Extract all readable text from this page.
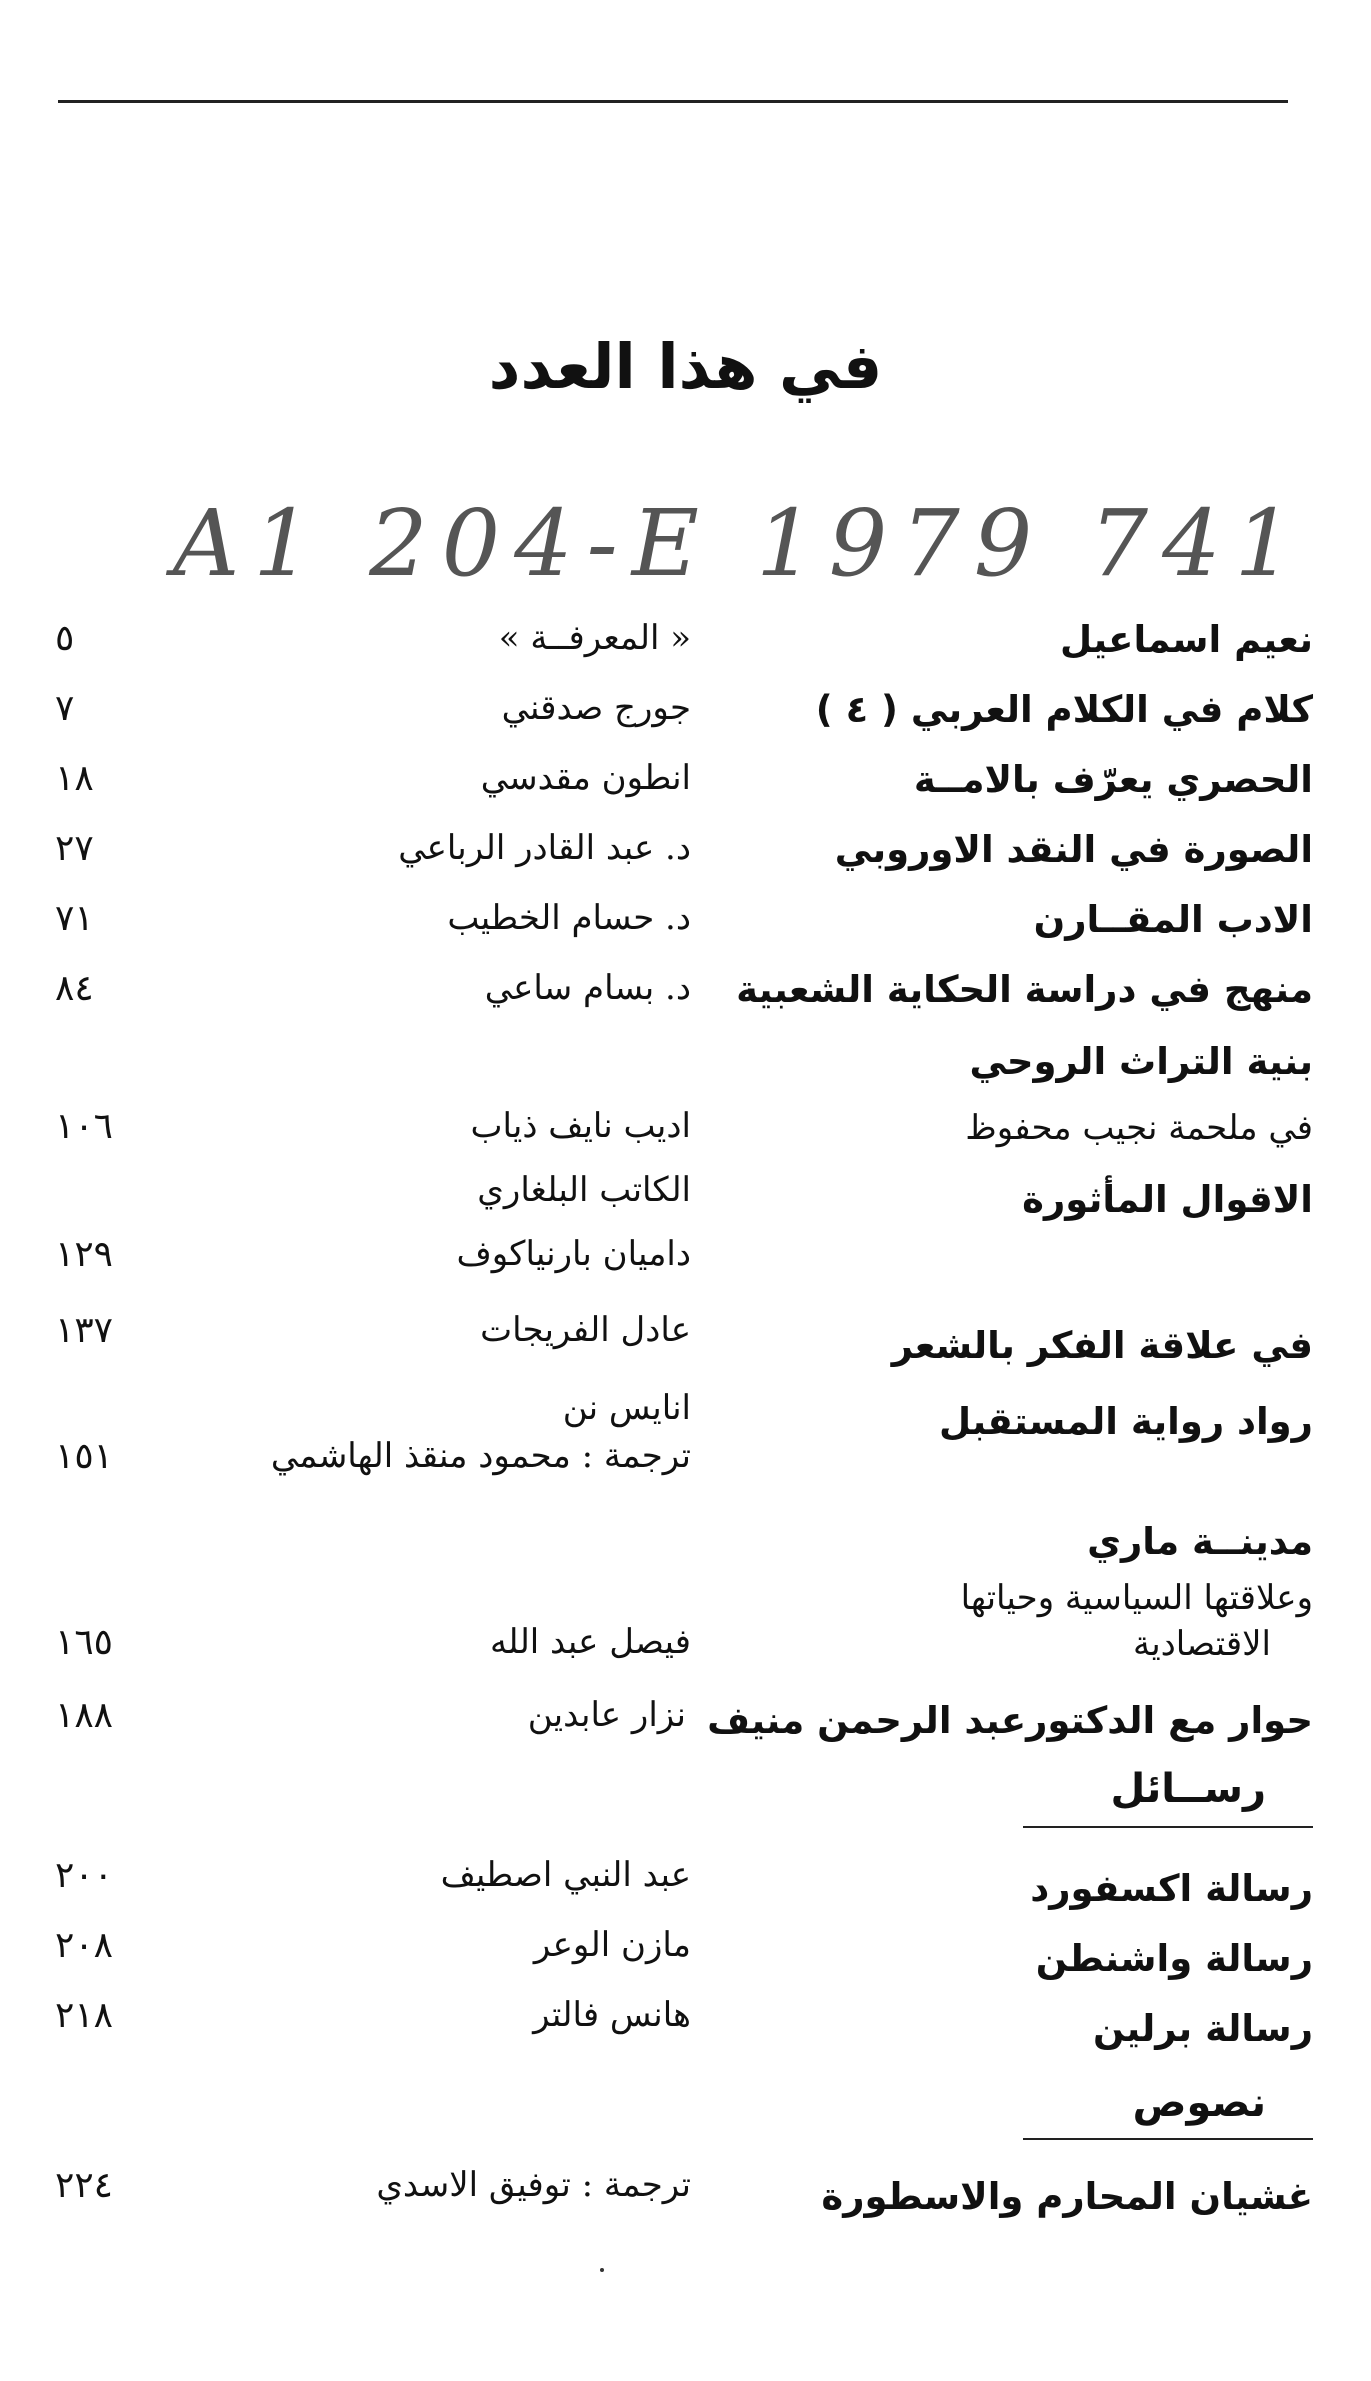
في هذا العدد
A1 204-E 1979 741
نعيم اسماعيل
« المعرفــة »
٥
كلام في الكلام العربي ( ٤ )
جورج صدقني
٧
الحصري يعرّف بالامــة
انطون مقدسي
١٨
الصورة في النقد الاوروبي
د. عبد القادر الرباعي
٢٧
الادب المقــارن
د. حسام الخطيب
٧١
منهج في دراسة الحكاية الشعبية
د. بسام ساعي
٨٤
بنية التراث الروحي
في ملحمة نجيب محفوظ
اديب نايف ذياب
١٠٦
الاقوال المأثورة
الكاتب البلغاري
داميان بارنياكوف
١٢٩
في علاقة الفكر بالشعر
عادل الفريجات
١٣٧
رواد رواية المستقبل
انايس نن
ترجمة : محمود منقذ الهاشمي
١٥١
مدينــة ماري
وعلاقتها السياسية وحياتها
الاقتصادية
فيصل عبد الله
١٦٥
حوار مع الدكتورعبد الرحمن منيف
نزار عابدين
١٨٨
رســائل
رسالة اكسفورد
عبد النبي اصطيف
٢٠٠
رسالة واشنطن
مازن الوعر
٢٠٨
رسالة برلين
هانس فالتر
٢١٨
نصوص
غشيان المحارم والاسطورة
ترجمة : توفيق الاسدي
٢٢٤
